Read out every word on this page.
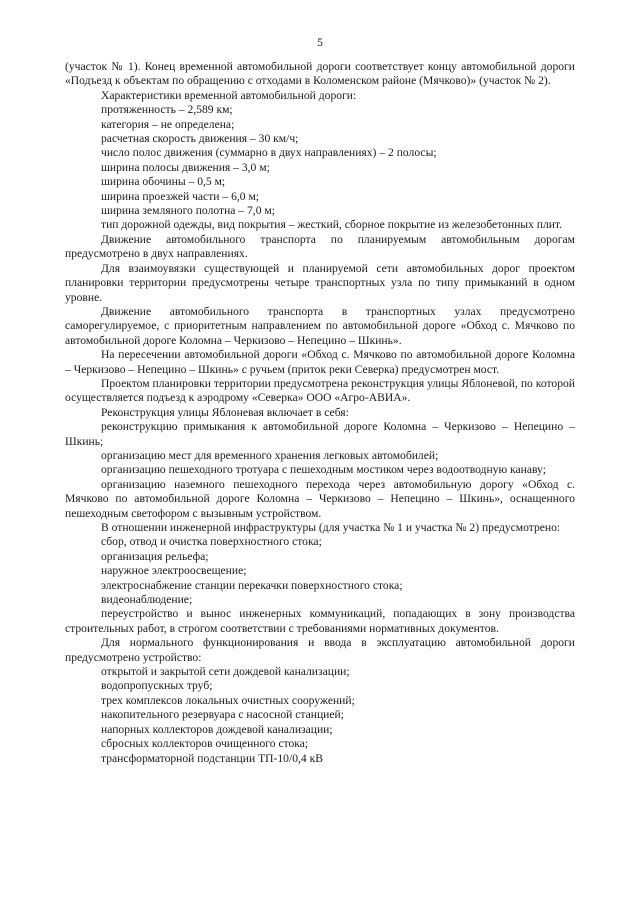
5

(участок № 1). Конец временной автомобильной дороги соответствует концу автомобильной дороги «Подъезд к объектам по обращению с отходами в Коломенском районе (Мячково)» (участок № 2).

Характеристики временной автомобильной дороги:

протяженность – 2,589 км;

категория – не определена;

расчетная скорость движения – 30 км/ч;

число полос движения (суммарно в двух направлениях) – 2 полосы;

ширина полосы движения – 3,0 м;

ширина обочины – 0,5 м;

ширина проезжей части – 6,0 м;

ширина земляного полотна – 7,0 м;

тип дорожной одежды, вид покрытия – жесткий, сборное покрытие из железобетонных плит.

Движение автомобильного транспорта по планируемым автомобильным дорогам предусмотрено в двух направлениях.

Для взаимоувязки существующей и планируемой сети автомобильных дорог проектом планировки территории предусмотрены четыре транспортных узла по типу примыканий в одном уровне.

Движение автомобильного транспорта в транспортных узлах предусмотрено саморегулируемое, с приоритетным направлением по автомобильной дороге «Обход с. Мячково по автомобильной дороге Коломна – Черкизово – Непецино – Шкинь».

На пересечении автомобильной дороги «Обход с. Мячково по автомобильной дороге Коломна – Черкизово – Непецино – Шкинь» с ручьем (приток реки Северка) предусмотрен мост.

Проектом планировки территории предусмотрена реконструкция улицы Яблоневой, по которой осуществляется подъезд к аэродрому «Северка» ООО «Агро-АВИА».

Реконструкция улицы Яблоневая включает в себя:

реконструкцию примыкания к автомобильной дороге Коломна – Черкизово – Непецино – Шкинь;

организацию мест для временного хранения легковых автомобилей;

организацию пешеходного тротуара с пешеходным мостиком через водоотводную канаву;

организацию наземного пешеходного перехода через автомобильную дорогу «Обход с. Мячково по автомобильной дороге Коломна – Черкизово – Непецино – Шкинь», оснащенного пешеходным светофором с вызывным устройством.

В отношении инженерной инфраструктуры (для участка № 1 и участка № 2) предусмотрено:

сбор, отвод и очистка поверхностного стока;

организация рельефа;

наружное электроосвещение;

электроснабжение станции перекачки поверхностного стока;

видеонаблюдение;

переустройство и вынос инженерных коммуникаций, попадающих в зону производства строительных работ, в строгом соответствии с требованиями нормативных документов.

Для нормального функционирования и ввода в эксплуатацию автомобильной дороги предусмотрено устройство:

открытой и закрытой сети дождевой канализации;

водопропускных труб;

трех комплексов локальных очистных сооружений;

накопительного резервуара с насосной станцией;

напорных коллекторов дождевой канализации;

сбросных коллекторов очищенного стока;

трансформаторной подстанции ТП-10/0,4 кВ
